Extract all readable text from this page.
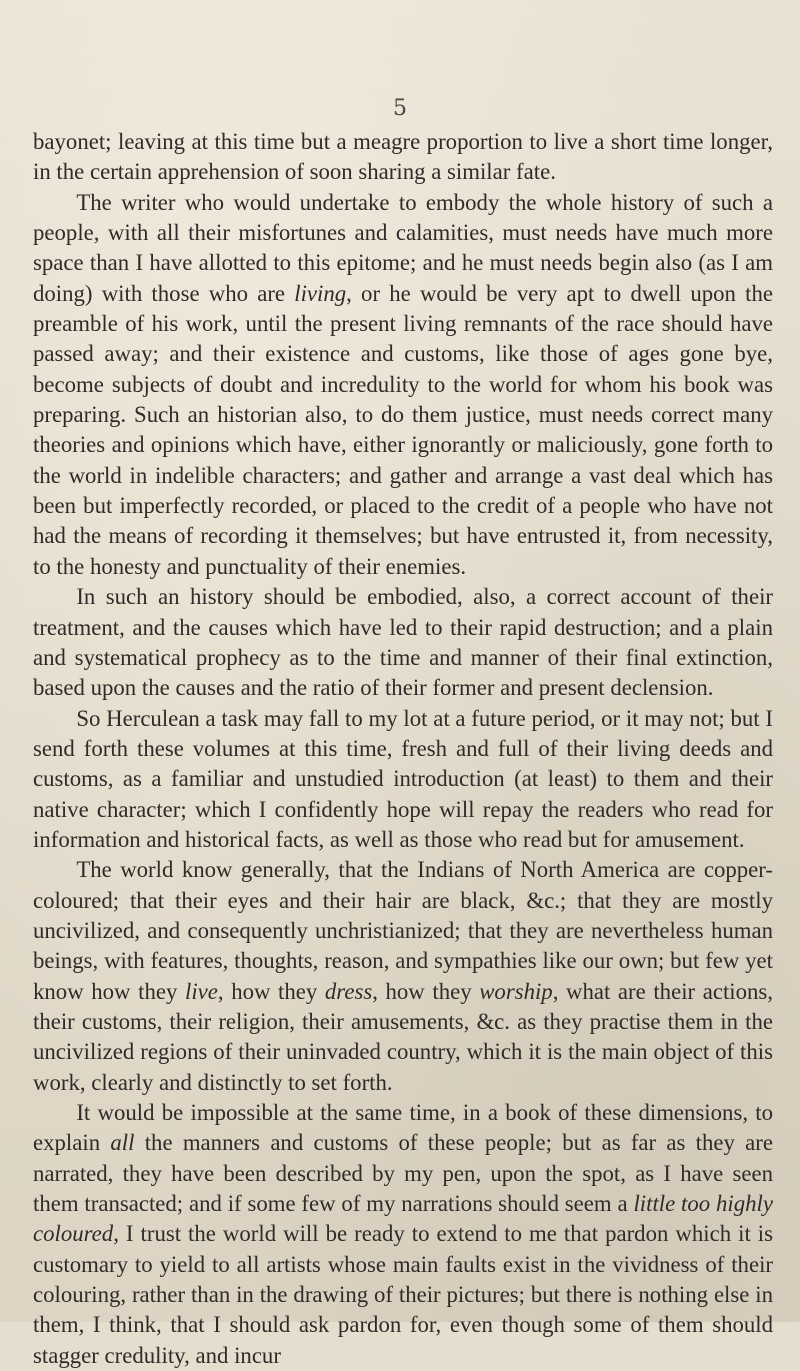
5

bayonet; leaving at this time but a meagre proportion to live a short time longer, in the certain apprehension of soon sharing a similar fate.

The writer who would undertake to embody the whole history of such a people, with all their misfortunes and calamities, must needs have much more space than I have allotted to this epitome; and he must needs begin also (as I am doing) with those who are living, or he would be very apt to dwell upon the preamble of his work, until the present living remnants of the race should have passed away; and their existence and customs, like those of ages gone bye, become subjects of doubt and incredulity to the world for whom his book was preparing. Such an historian also, to do them justice, must needs correct many theories and opinions which have, either ignorantly or maliciously, gone forth to the world in indelible characters; and gather and arrange a vast deal which has been but imperfectly recorded, or placed to the credit of a people who have not had the means of recording it themselves; but have entrusted it, from necessity, to the honesty and punctuality of their enemies.

In such an history should be embodied, also, a correct account of their treatment, and the causes which have led to their rapid destruction; and a plain and systematical prophecy as to the time and manner of their final extinction, based upon the causes and the ratio of their former and present declension.

So Herculean a task may fall to my lot at a future period, or it may not; but I send forth these volumes at this time, fresh and full of their living deeds and customs, as a familiar and unstudied introduction (at least) to them and their native character; which I confidently hope will repay the readers who read for information and historical facts, as well as those who read but for amusement.

The world know generally, that the Indians of North America are copper-coloured; that their eyes and their hair are black, &c.; that they are mostly uncivilized, and consequently unchristianized; that they are nevertheless human beings, with features, thoughts, reason, and sympathies like our own; but few yet know how they live, how they dress, how they worship, what are their actions, their customs, their religion, their amusements, &c. as they practise them in the uncivilized regions of their uninvaded country, which it is the main object of this work, clearly and distinctly to set forth.

It would be impossible at the same time, in a book of these dimensions, to explain all the manners and customs of these people; but as far as they are narrated, they have been described by my pen, upon the spot, as I have seen them transacted; and if some few of my narrations should seem a little too highly coloured, I trust the world will be ready to extend to me that pardon which it is customary to yield to all artists whose main faults exist in the vividness of their colouring, rather than in the drawing of their pictures; but there is nothing else in them, I think, that I should ask pardon for, even though some of them should stagger credulity, and incur
